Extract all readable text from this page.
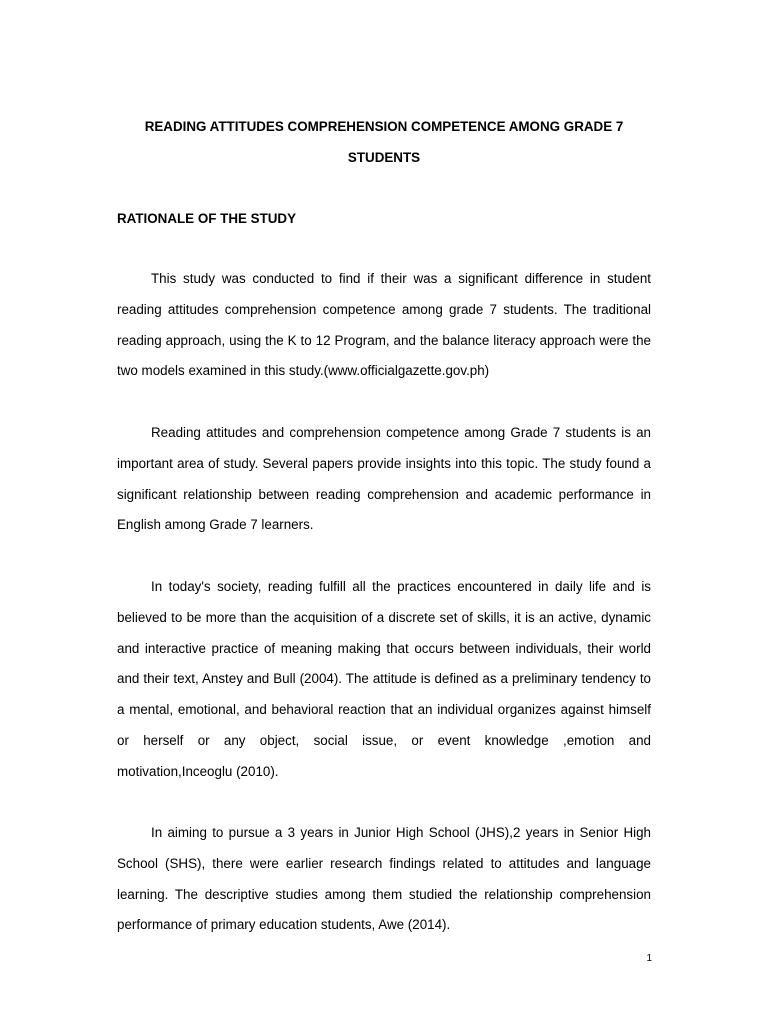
READING ATTITUDES COMPREHENSION COMPETENCE AMONG GRADE 7

STUDENTS

RATIONALE OF THE STUDY

This study was conducted to find if their was a significant difference in student reading attitudes comprehension competence among grade 7 students. The traditional reading approach, using the K to 12 Program, and the balance literacy approach were the two models examined in this study.(www.officialgazette.gov.ph)

Reading attitudes and comprehension competence among Grade 7 students is an important area of study. Several papers provide insights into this topic. The study found a significant relationship between reading comprehension and academic performance in English among Grade 7 learners.

In today's society, reading fulfill all the practices encountered in daily life and is believed to be more than the acquisition of a discrete set of skills, it is an active, dynamic and interactive practice of meaning making that occurs between individuals, their world and their text, Anstey and Bull (2004). The attitude is defined as a preliminary tendency to a mental, emotional, and behavioral reaction that an individual organizes against himself or herself or any object, social issue, or event knowledge ,emotion and motivation,Inceoglu (2010).

In aiming to pursue a 3 years in Junior High School (JHS),2 years in Senior High School (SHS), there were earlier research findings related to attitudes and language learning. The descriptive studies among them studied the relationship comprehension performance of primary education students, Awe (2014).

1
